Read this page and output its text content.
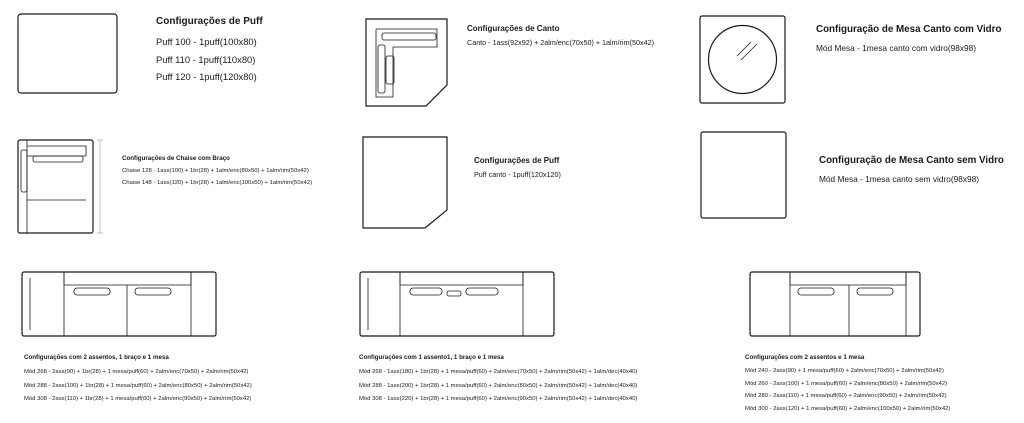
Configurações de Puff
Puff 100 - 1puff(100x80)
Puff 110 - 1puff(110x80)
Puff 120 - 1puff(120x80)
Configurações de Canto
Canto - 1ass(92x92) + 2alm/enc(70x50) + 1alm/rim(50x42)
Configuração de Mesa Canto com Vidro
Mód Mesa - 1mesa canto com vidro(98x98)
Configurações de Chaise com Braço
Chaise 128 - 1ass(100) + 1br(28) + 1alm/enc(80x50) + 1alm/rim(50x42)
Chaise 148 - 1ass(120) + 1br(28) + 1alm/enc(100x50) + 1alm/rim(50x42)
Configurações de Puff
Puff canto - 1puff(120x120)
Configuração de Mesa Canto sem Vidro
Mód Mesa - 1mesa canto sem vidro(98x98)
Configurações com 2 assentos, 1 braço e 1 mesa
Mód 268 - 2ass(90) + 1br(28) + 1 mesa/puff(60) + 2alm/enc(70x50) + 2alm/rim(50x42)
Mód 288 - 2ass(100) + 1br(28) + 1 mesa/puff(60) + 2alm/enc(80x50) + 2alm/rim(50x42)
Mód 308 - 2ass(110) + 1br(28) + 1 mesa/puff(60) + 2alm/enc(90x50) + 2alm/rim(50x42)
Configurações com 1 assento1, 1 braço e 1 mesa
Mód 268 - 1ass(180) + 1br(28) + 1 mesa/puff(60) + 2alm/enc(70x50) + 2alm/rim(50x42) + 1alm/dec(40x40)
Mód 288 - 1ass(200) + 1br(28) + 1 mesa/puff(60) + 2alm/enc(80x50) + 2alm/rim(50x42) + 1alm/dec(40x40)
Mód 308 - 1ass(220) + 1br(28) + 1 mesa/puff(60) + 2alm/enc(90x50) + 2alm/rim(50x42) + 1alm/dec(40x40)
Configurações com 2 assentos e 1 mesa
Mód 240 - 2ass(90) + 1 mesa/puff(60) + 2alm/enc(70x50) + 2alm/rim(50x42)
Mód 260 - 2ass(100) + 1 mesa/puff(60) + 2alm/enc(80x50) + 2alm/rim(50x42)
Mód 280 - 2ass(110) + 1 mesa/puff(60) + 2alm/enc(90x50) + 2alm/rim(50x42)
Mód 300 - 2ass(120) + 1 mesa/puff(60) + 2alm/enc(100x50) + 2alm/rim(50x42)
